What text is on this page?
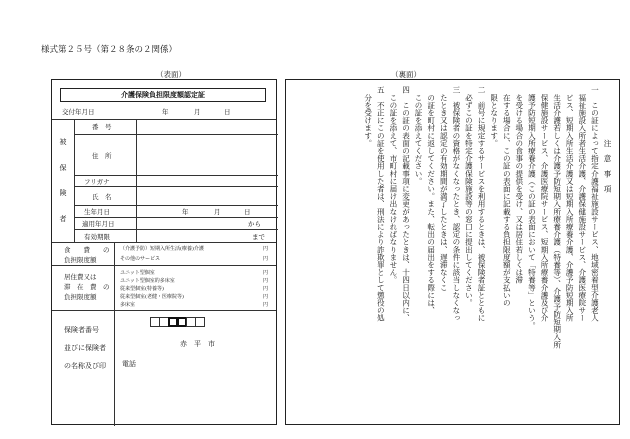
様式第２５号（第２８条の２関係）
（表面）	（裏面）
介護保険負担限度額認定証
交付年月日	年	月	日
被
保
険
者
番　号
住　所
フリガナ
氏　名
生年月日	年	月	日
適用年月日	から
有効期限	まで
食　　費　　の
負担限度額
（介護予防）短期入所生活(療養)介護	円
その他のサービス	円
居住費又は
滞　在　費　の
負担限度額
ユニット型個室	円
ユニット型個室的多床室	円
従来型個室(特養等)	円
従来型個室(老健・医療院等)	円
多床室	円
保険者番号
並びに保険者
の名称及び印
赤　平　市
電話
　　　　　　　注　意　事　項
一　この証によって指定介護福祉施設サービス、地域密着型介護老人
　福祉施設入所者生活介護、介護保健施設サービス、介護医療院サー
　ビス、短期入所生活介護又は短期入所療養介護、介護予防短期入所
　生活介護若しくは介護予防短期入所療養介護（特養等）、介護予防短期入所
　保健施設サービス、介護医療院サービス、短期入所療養介護及び介
　護予防短期入所療養介護（この証の表面において「特養等」という。
　を受ける場合の食事の提供を受け、又は居住若しくは滞
　在する場合に、この証の表面に記載する負担限度額が支払いの
　限となります。
二　前号に規定するサービスを利用するときは、被保険者証とともに
　必ずこの証を特定介護保険施設等の窓口に提出してください。
三　被保険者の資格がなくなったとき、認定の条件に該当しなくなっ
　たとき又は認定の有効期間が満了したときは、遅滞なくこ
　の証を町村に返してください。また、転出の届出をする際には、
　この証を添えてください。
四　この証の表面の記載事項に変更があったときは、十四日以内に、
　この証を添えて、市町村に届け出なければなりません。
五　不正にこの証を使用した者は、刑法により詐欺罪として懲役の処
　分を受けます。
